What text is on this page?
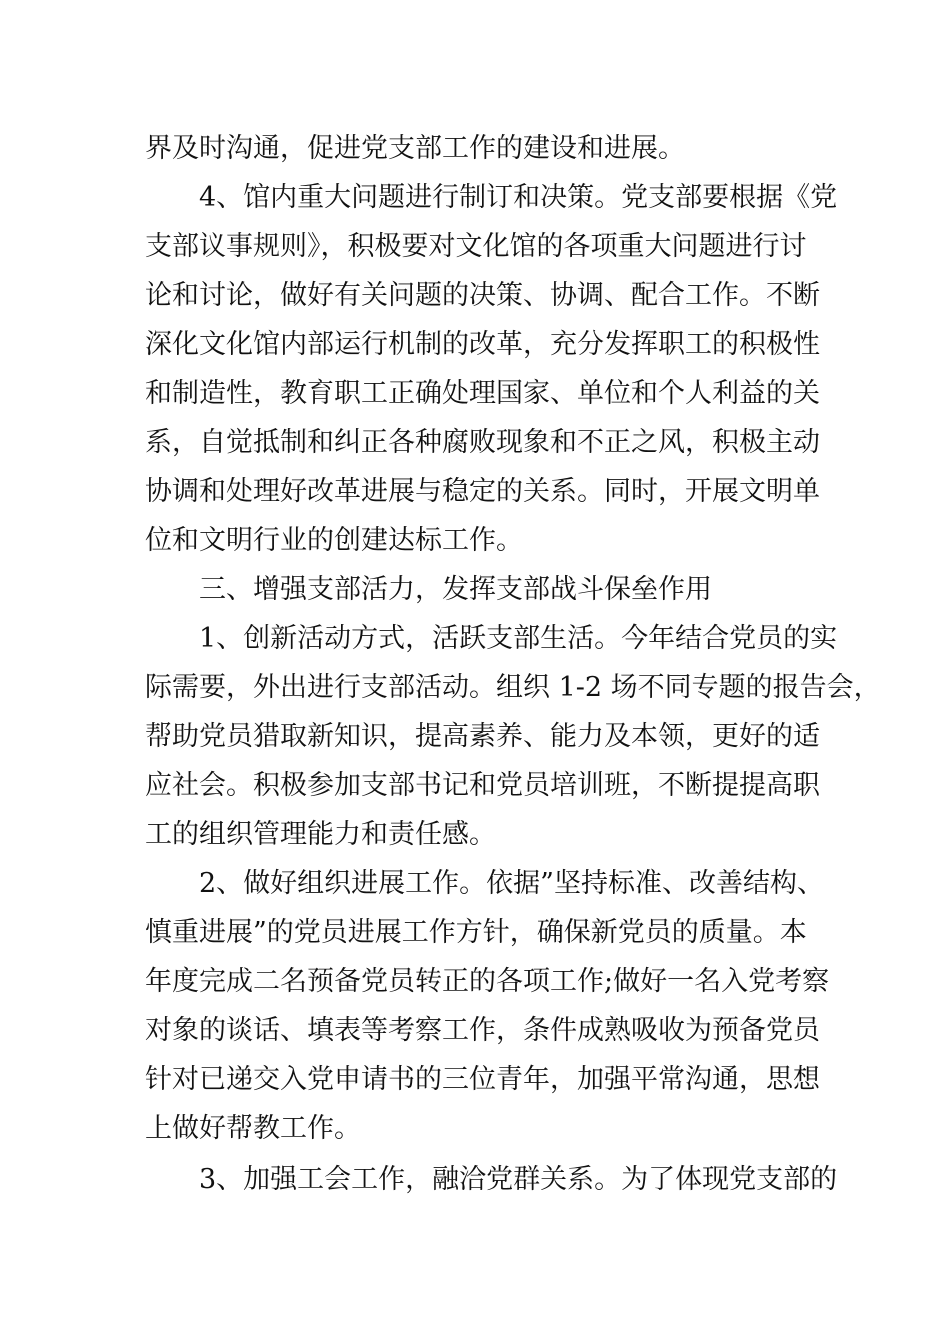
界及时沟通，促进党支部工作的建设和进展。
4、馆内重大问题进行制订和决策。党支部要根据《党
支部议事规则》，积极要对文化馆的各项重大问题进行讨
论和讨论，做好有关问题的决策、协调、配合工作。不断
深化文化馆内部运行机制的改革，充分发挥职工的积极性
和制造性，教育职工正确处理国家、单位和个人利益的关
系，自觉抵制和纠正各种腐败现象和不正之风，积极主动
协调和处理好改革进展与稳定的关系。同时，开展文明单
位和文明行业的创建达标工作。
三、增强支部活力，发挥支部战斗保垒作用
1、创新活动方式，活跃支部生活。今年结合党员的实
际需要，外出进行支部活动。组织 1-2 场不同专题的报告会，
帮助党员猎取新知识，提高素养、能力及本领，更好的适
应社会。积极参加支部书记和党员培训班，不断提提高职
工的组织管理能力和责任感。
2、做好组织进展工作。依据”坚持标准、改善结构、
慎重进展”的党员进展工作方针，确保新党员的质量。本
年度完成二名预备党员转正的各项工作;做好一名入党考察
对象的谈话、填表等考察工作，条件成熟吸收为预备党员
针对已递交入党申请书的三位青年，加强平常沟通，思想
上做好帮教工作。
3、加强工会工作，融洽党群关系。为了体现党支部的
